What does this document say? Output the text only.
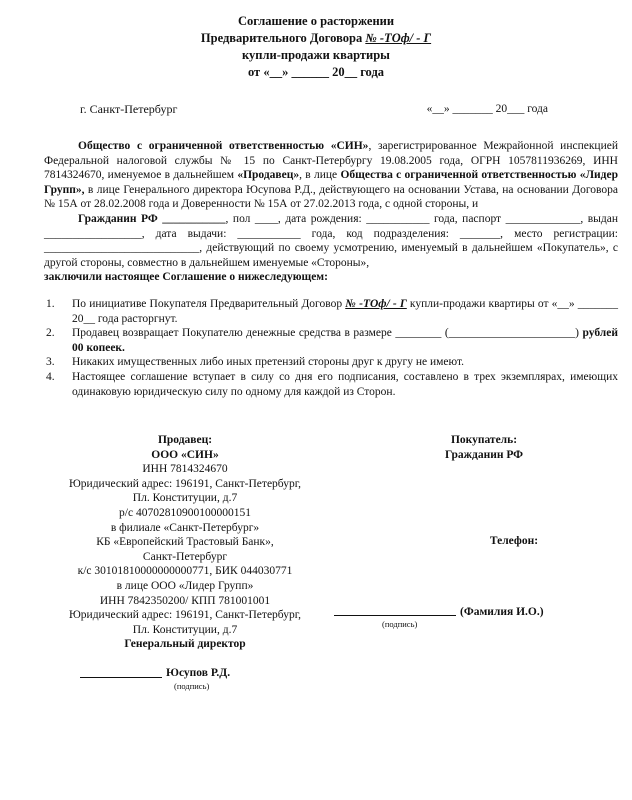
Соглашение о расторжении
Предварительного Договора № -ТОф/ - Г
купли-продажи квартиры
от «__» ______ 20__ года
г. Санкт-Петербург	«__» _______ 20___ года

Общество с ограниченной ответственностью «СИН», зарегистрированное Межрайонной инспекцией Федеральной налоговой службы № 15 по Санкт-Петербургу 19.08.2005 года, ОГРН 1057811936269, ИНН 7814324670, именуемое в дальнейшем «Продавец», в лице Общества с ограниченной ответственностью «Лидер Групп», в лице Генерального директора Юсупова Р.Д., действующего на основании Устава, на основании Договора № 15А от 28.02.2008 года и Доверенности № 15А от 27.02.2013 года, с одной стороны, и

Гражданин РФ ___________, пол ____, дата рождения: ___________ года, паспорт _____________, выдан _________________, дата выдачи: ___________ года, код подразделения: _______, место регистрации: ___________________________, действующий по своему усмотрению, именуемый в дальнейшем «Покупатель», с другой стороны, совместно в дальнейшем именуемые «Стороны»,

заключили настоящее Соглашение о нижеследующем:
1. По инициативе Покупателя Предварительный Договор № -ТОф/ - Г купли-продажи квартиры от «__» _______ 20__ года расторгнут.
2. Продавец возвращает Покупателю денежные средства в размере ________ (______________________) рублей 00 копеек.
3. Никаких имущественных либо иных претензий стороны друг к другу не имеют.
4. Настоящее соглашение вступает в силу со дня его подписания, составлено в трех экземплярах, имеющих одинаковую юридическую силу по одному для каждой из Сторон.
Продавец:
ООО «СИН»
ИНН 7814324670
Юридический адрес: 196191, Санкт-Петербург,
Пл. Конституции, д.7
р/с 40702810900100000151
в филиале «Санкт-Петербург»
КБ «Европейский Трастовый Банк»,
Санкт-Петербург
к/с 30101810000000000771, БИК 044030771
в лице ООО «Лидер Групп»
ИНН 7842350200/ КПП 781001001
Юридический адрес: 196191, Санкт-Петербург,
Пл. Конституции, д.7
Генеральный директор
Юсупов Р.Д.
(подпись)
Покупатель:
Гражданин РФ
Телефон:
(Фамилия И.О.)
(подпись)
